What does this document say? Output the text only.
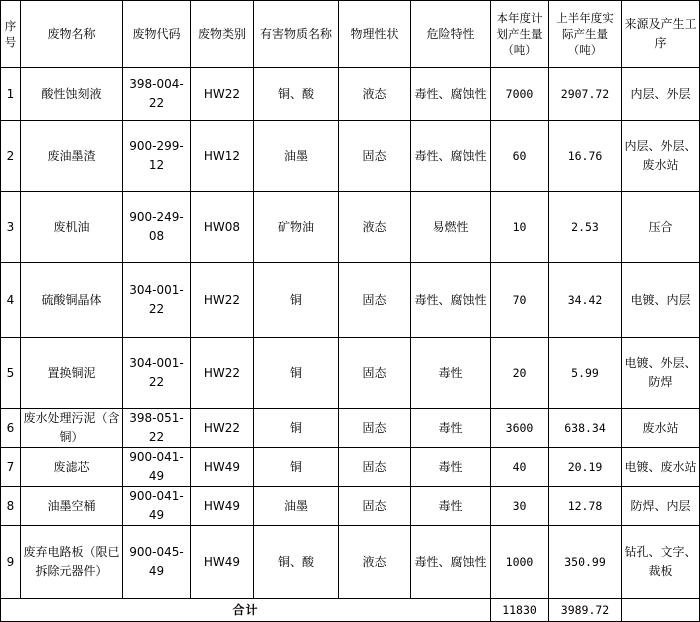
序号	废物名称	废物代码	废物类别	有害物质名称	物理性状	危险特性	本年度计划产生量（吨）	上半年度实际产生量（吨）	来源及产生工序
1	酸性蚀刻液	398-004-22	HW22	铜、酸	液态	毒性、腐蚀性	7000	2907.72	内层、外层
2	废油墨渣	900-299-12	HW12	油墨	固态	毒性、腐蚀性	60	16.76	内层、外层、废水站
3	废机油	900-249-08	HW08	矿物油	液态	易燃性	10	2.53	压合
4	硫酸铜晶体	304-001-22	HW22	铜	固态	毒性、腐蚀性	70	34.42	电镀、内层
5	置换铜泥	304-001-22	HW22	铜	固态	毒性	20	5.99	电镀、外层、防焊
6	废水处理污泥（含铜）	398-051-22	HW22	铜	固态	毒性	3600	638.34	废水站
7	废滤芯	900-041-49	HW49	铜	固态	毒性	40	20.19	电镀、废水站
8	油墨空桶	900-041-49	HW49	油墨	固态	毒性	30	12.78	防焊、内层
9	废弃电路板（限已拆除元器件）	900-045-49	HW49	铜、酸	液态	毒性、腐蚀性	1000	350.99	钻孔、文字、裁板
合计							11830	3989.72	
